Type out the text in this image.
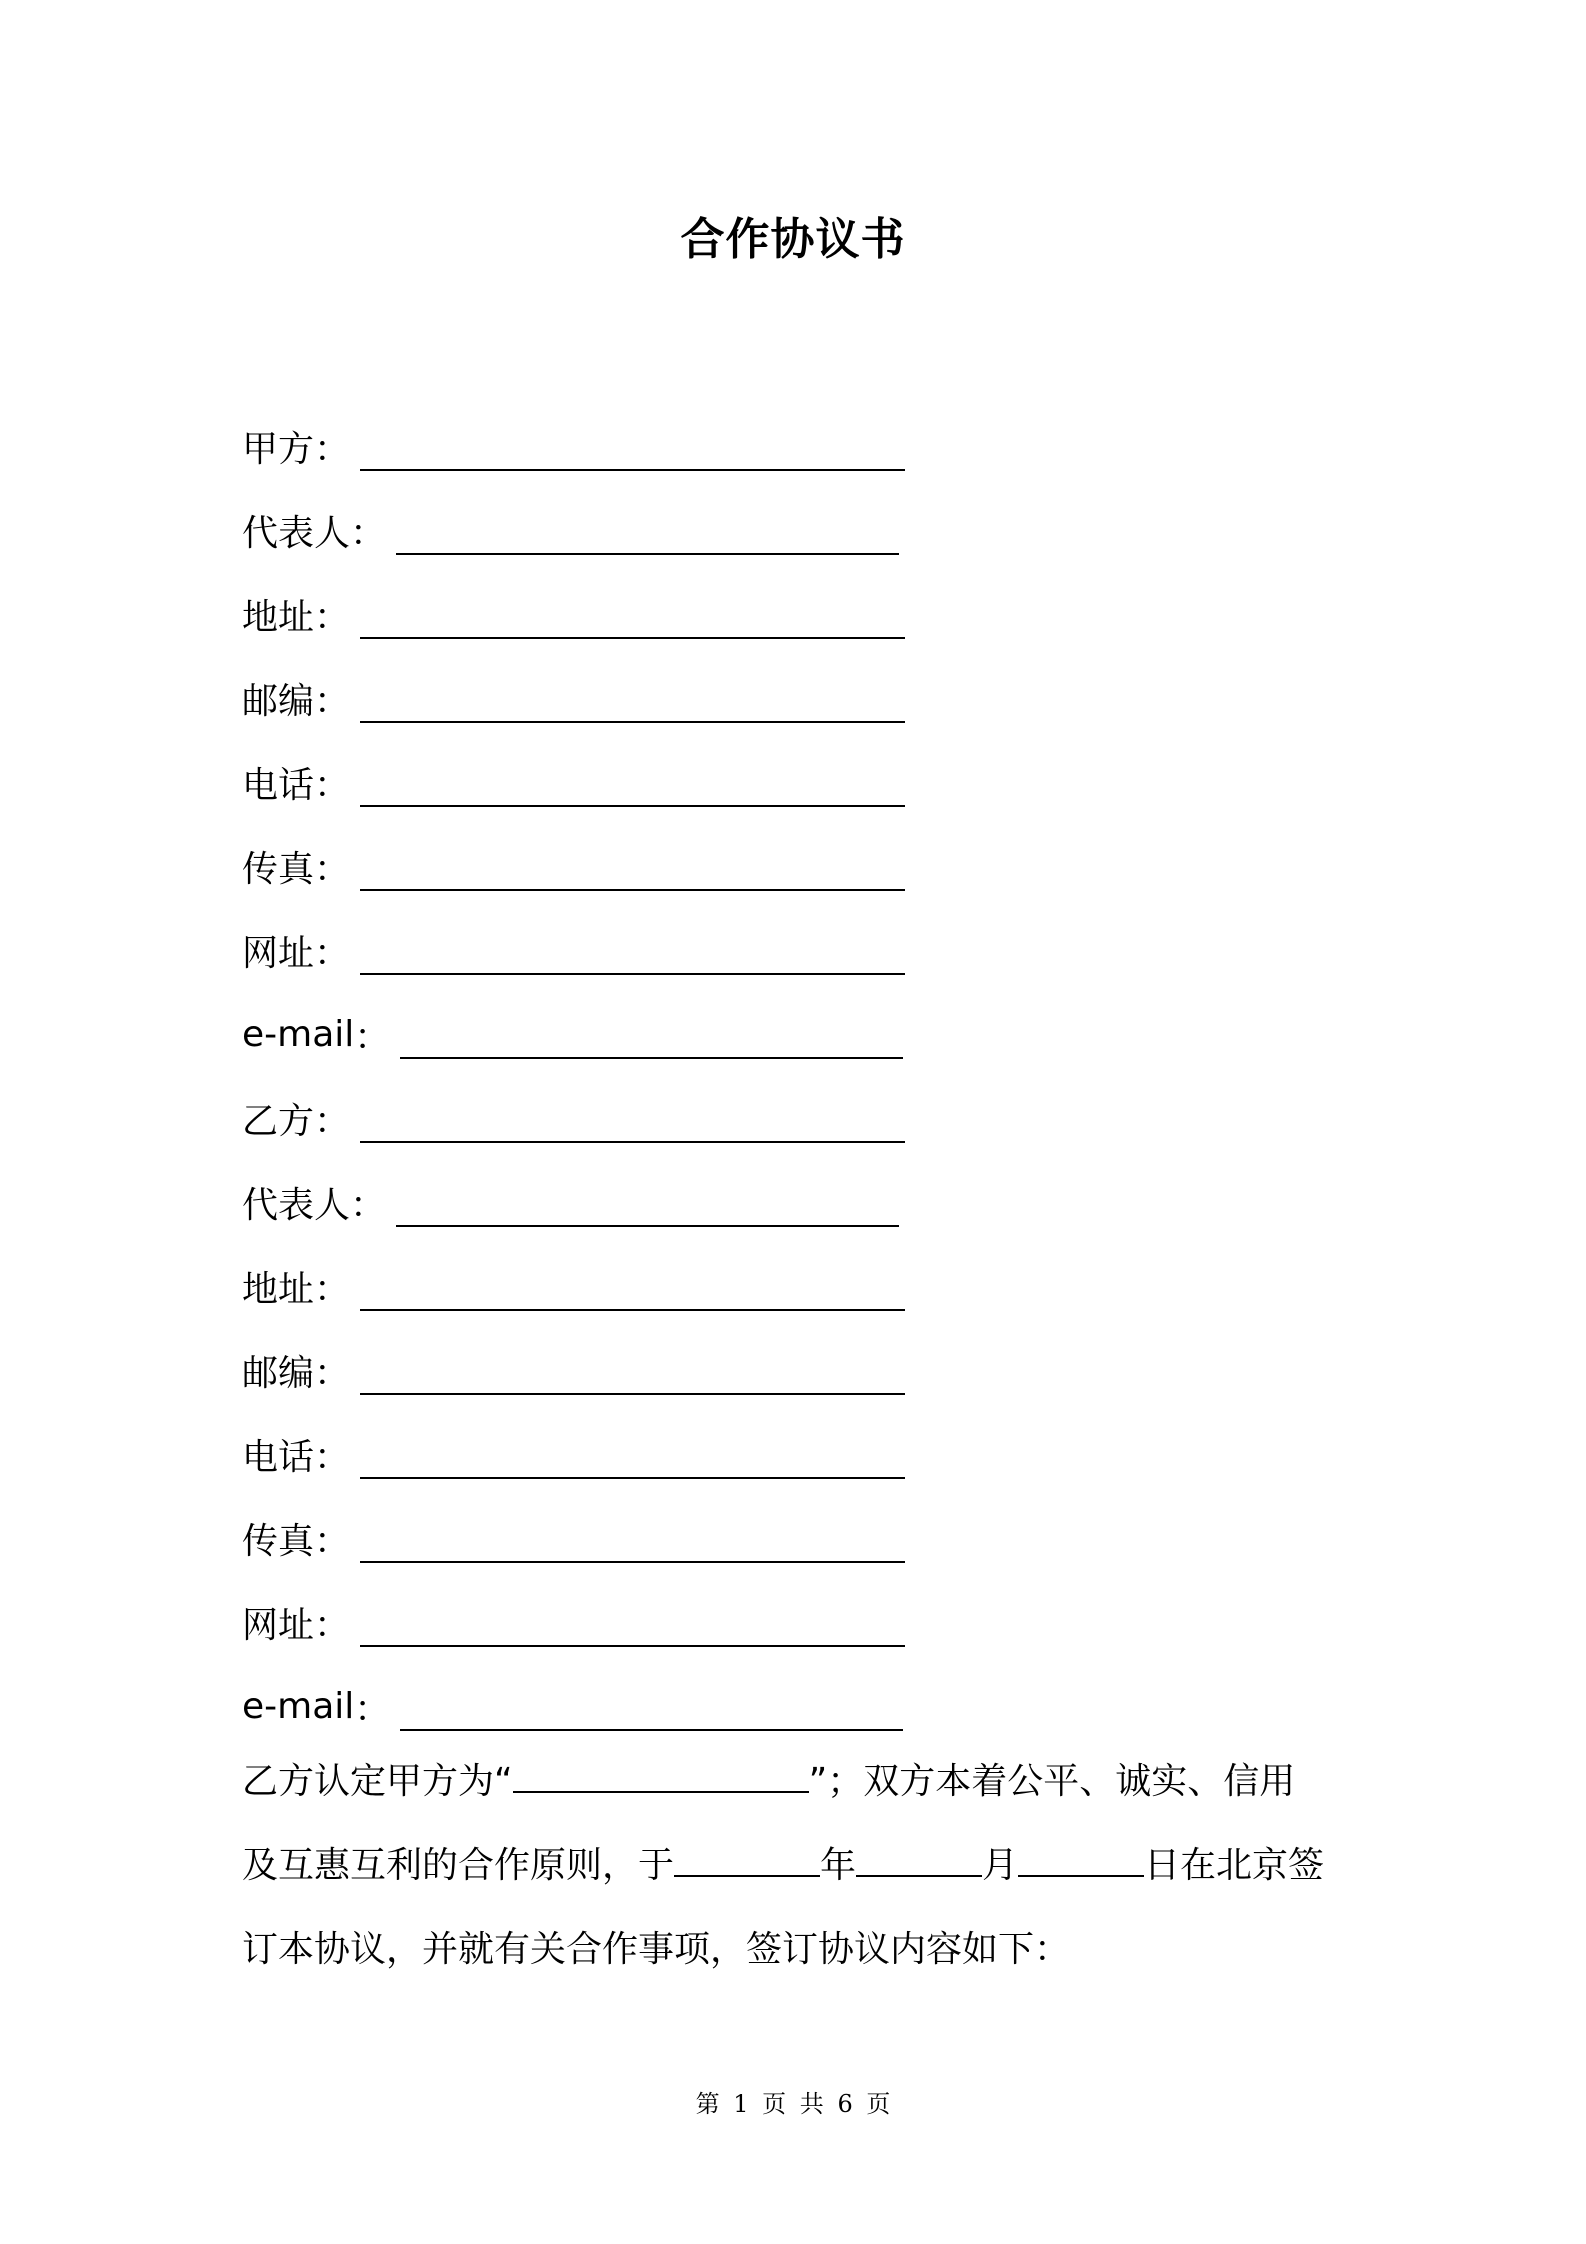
合作协议书
甲方 ：
代表人 ：
地址 ：
邮编 ：
电话 ：
传真 ：
网址 ：
e-mail ：
乙方 ：
代表人 ：
地址 ：
邮编 ：
电话 ：
传真 ：
网址 ：
e-mail ：
乙方认定甲方为“	”；双方本着公平、诚实、信用
及互惠互利的合作原则，于	年	月	日在北京签
订本协议，并就有关合作事项，签订协议内容如下：
第 1 页 共 6 页
